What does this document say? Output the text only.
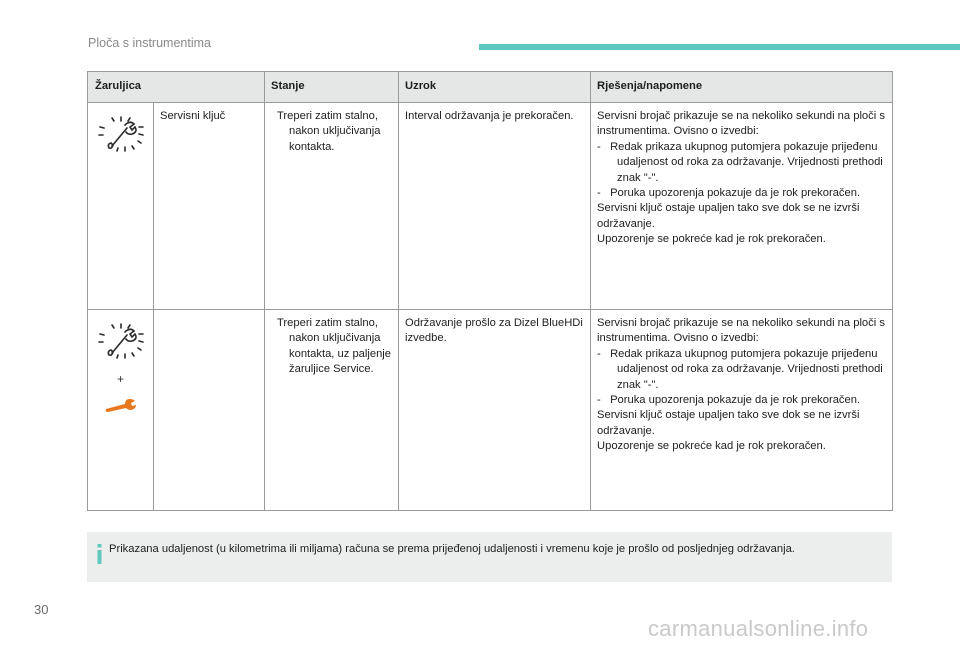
Ploča s instrumentima
Žaruljica		Stanje	Uzrok	Rješenja/napomene

	Servisni ključ	Treperi zatim stalno, nakon uključivanja kontakta.	Interval održavanja je prekoračen.	Servisni brojač prikazuje se na nekoliko sekundi na ploči s instrumentima. Ovisno o izvedbi:

-   Redak prikaza ukupnog putomjera pokazuje prijeđenu udaljenost od roka za održavanje. Vrijednosti prethodi znak "-".

-   Poruka upozorenja pokazuje da je rok prekoračen.

Servisni ključ ostaje upaljen tako sve dok se ne izvrši održavanje.

Upozorenje se pokreće kad je rok prekoračen.

+		Treperi zatim stalno, nakon uključivanja kontakta, uz paljenje žaruljice Service.	Održavanje prošlo za Dizel BlueHDi izvedbe.	Servisni brojač prikazuje se na nekoliko sekundi na ploči s instrumentima. Ovisno o izvedbi:

-   Redak prikaza ukupnog putomjera pokazuje prijeđenu udaljenost od roka za održavanje. Vrijednosti prethodi znak "-".

-   Poruka upozorenja pokazuje da je rok prekoračen.

Servisni ključ ostaje upaljen tako sve dok se ne izvrši održavanje.

Upozorenje se pokreće kad je rok prekoračen.

Prikazana udaljenost (u kilometrima ili miljama) računa se prema prijeđenoj udaljenosti i vremenu koje je prošlo od posljednjeg održavanja.
30
carmanualsonline.info
